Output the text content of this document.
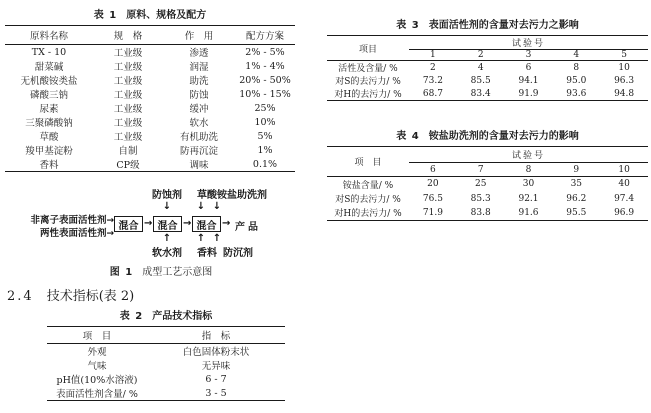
表 1 原料、规格及配方
原料名称	规　格	作　用	配方方案
TX - 10	工业级	渗透	2% - 5%
甜菜碱	工业级	润湿	1% - 4%
无机酸铵类盐	工业级	助洗	20% - 50%
磷酸三钠	工业级	防蚀	10% - 15%
尿素	工业级	缓冲	25%
三聚磷酸钠	工业级	软水	10%
草酸	工业级	有机助洗	5%
羧甲基淀粉	自制	防再沉淀	1%
香料	CP级	调味	0.1%
防蚀剂 草酸 铵盐助洗剂
↓	↓ ↓
非离子表面活性剂→
两性表面活性剂→
混合 → 混合 → 混合 → 产品
↑	↑ ↑
软水剂 香料 防沉剂
图 1 成型工艺示意图
2.4 技术指标(表 2)
表 2 产品技术指标
项　目	指　标
外观	白色固体粉末状
气味	无异味
pH值(10%水溶液)	6 - 7
表面活性剂含量/ %	3 - 5
表 3 表面活性剂的含量对去污力之影响
项目	试验号				
	1	2	3	4	5
活性及含量/ %	2	4	6	8	10
对S的去污力/ %	73.2	85.5	94.1	95.0	96.3
对H的去污力/ %	68.7	83.4	91.9	93.6	94.8
表 4 铵盐助洗剂的含量对去污力的影响
项　目	试验号				
	6	7	8	9	10
铵盐含量/ %	20	25	30	35	40
对S的去污力/ %	76.5	85.3	92.1	96.2	97.4
对H的去污力/ %	71.9	83.8	91.6	95.5	96.9
